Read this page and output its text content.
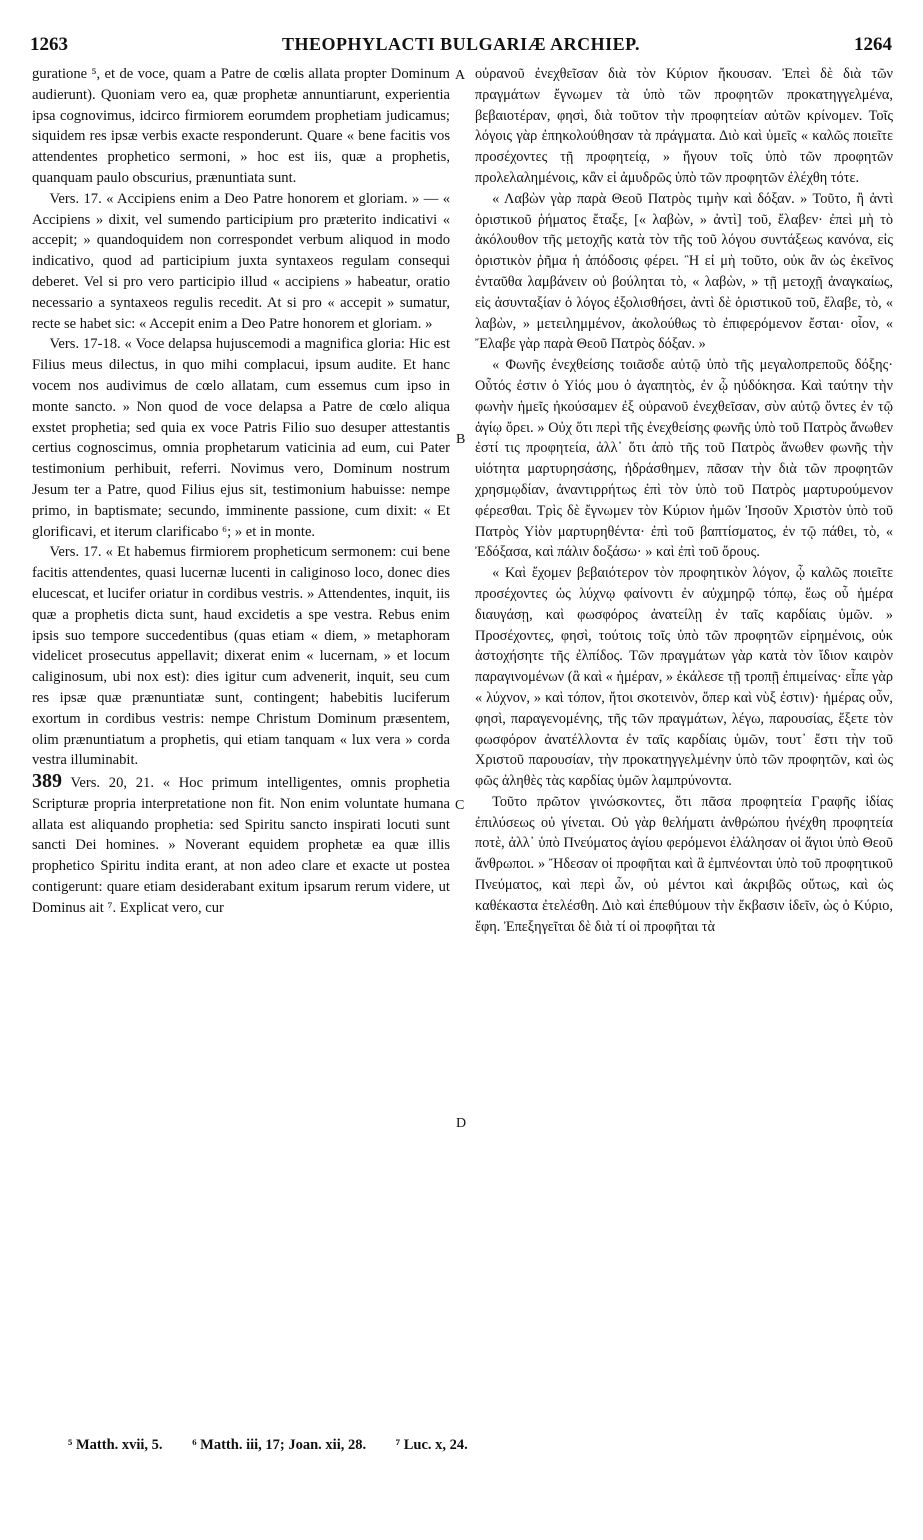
1263	THEOPHYLACTI BULGARIÆ ARCHIEP.	1264

guratione ⁵, et de voce, quam a Patre de cœlis allata propter Dominum audierunt). Quoniam vero ea, quæ prophetæ annuntiarunt, experientia ipsa cognovimus, idcirco firmiorem eorumdem prophetiam judicamus; siquidem res ipsæ verbis exacte responderunt. Quare « bene facitis vos attendentes prophetico sermoni, » hoc est iis, quæ a prophetis, quanquam paulo obscurius, prænuntiata sunt.

Vers. 17. « Accipiens enim a Deo Patre honorem et gloriam. » — « Accipiens » dixit, vel sumendo participium pro præterito indicativi « accepit; » quandoquidem non correspondet verbum aliquod in modo indicativo, quod ad participium juxta syntaxeos regulam consequi deberet. Vel si pro vero participio illud « accipiens » habeatur, oratio necessario a syntaxeos regulis recedit. At si pro « accepit » sumatur, recte se habet sic: « Accepit enim a Deo Patre honorem et gloriam. »

Vers. 17-18. « Voce delapsa hujuscemodi a magnifica gloria: Hic est Filius meus dilectus, in quo mihi complacui, ipsum audite. Et hanc vocem nos audivimus de cœlo allatam, cum essemus cum ipso in monte sancto. » Non quod de voce delapsa a Patre de cœlo aliqua exstet prophetia; sed quia ex voce Patris Filio suo desuper attestantis certius cognoscimus, omnia prophetarum vaticinia ad eum, cui Pater testimonium perhibuit, referri. Novimus vero, Dominum nostrum Jesum ter a Patre, quod Filius ejus sit, testimonium habuisse: nempe primo, in baptismate; secundo, imminente passione, cum dixit: « Et glorificavi, et iterum clarificabo ⁶; » et in monte.

Vers. 17. « Et habemus firmiorem propheticum sermonem: cui bene facitis attendentes, quasi lucernæ lucenti in caliginoso loco, donec dies elucescat, et lucifer oriatur in cordibus vestris. » Attendentes, inquit, iis quæ a prophetis dicta sunt, haud excidetis a spe vestra. Rebus enim ipsis suo tempore succedentibus (quas etiam « diem, » metaphoram videlicet prosecutus appellavit; dixerat enim « lucernam, » et locum caliginosum, ubi nox est): dies igitur cum advenerit, inquit, seu cum res ipsæ quæ prænuntiatæ sunt, contingent; habebitis luciferum exortum in cordibus vestris: nempe Christum Dominum præsentem, olim prænuntiatum a prophetis, qui etiam tanquam « lux vera » corda vestra illuminabit.

389 Vers. 20, 21. « Hoc primum intelligentes, omnis prophetia Scripturæ propria interpretatione non fit. Non enim voluntate humana allata est aliquando prophetia: sed Spiritu sancto inspirati locuti sunt sancti Dei homines. » Noverant equidem prophetæ ea quæ illis prophetico Spiritu indita erant, at non adeo clare et exacte ut postea contigerunt: quare etiam desiderabant exitum ipsarum rerum videre, ut Dominus ait ⁷. Explicat vero, cur

οὐρανοῦ ἐνεχθεῖσαν διὰ τὸν Κύριον ἤκουσαν. Ἐπεὶ δὲ διὰ τῶν πραγμάτων ἔγνωμεν τὰ ὑπὸ τῶν προφητῶν προκατηγγελμένα, βεβαιοτέραν, φησὶ, διὰ τοῦτον τὴν προφητείαν αὐτῶν κρίνομεν. Τοῖς λόγοις γὰρ ἐπηκολούθησαν τὰ πράγματα. Διὸ καὶ ὑμεῖς « καλῶς ποιεῖτε προσέχοντες τῇ προφητείᾳ, » ἤγουν τοῖς ὑπὸ τῶν προφητῶν προλελαλημένοις, κἂν εἰ ἀμυδρῶς ὑπὸ τῶν προφητῶν ἐλέχθη τότε.

« Λαβὼν γὰρ παρὰ Θεοῦ Πατρὸς τιμὴν καὶ δόξαν. » Τοῦτο, ἢ ἀντὶ ὁριστικοῦ ῥήματος ἔταξε, [« λαβὼν, » ἀντὶ] τοῦ, ἔλαβεν· ἐπεὶ μὴ τὸ ἀκόλουθον τῆς μετοχῆς κατὰ τὸν τῆς τοῦ λόγου συντάξεως κανόνα, εἰς ὁριστικὸν ῥῆμα ἡ ἀπόδοσις φέρει. Ἢ εἰ μὴ τοῦτο, οὐκ ἂν ὡς ἐκεῖνος ἐνταῦθα λαμβάνειν οὐ βούληται τὸ, « λαβὼν, » τῇ μετοχῇ ἀναγκαίως, εἰς ἀσυνταξίαν ὁ λόγος ἐξολισθήσει, ἀντὶ δὲ ὁριστικοῦ τοῦ, ἔλαβε, τὸ, « λαβὼν, » μετειλημμένον, ἀκολούθως τὸ ἐπιφερόμενον ἔσται· οἷον, « Ἔλαβε γὰρ παρὰ Θεοῦ Πατρὸς δόξαν. »

« Φωνῆς ἐνεχθείσης τοιᾶσδε αὐτῷ ὑπὸ τῆς μεγαλοπρεποῦς δόξης· Οὗτός ἐστιν ὁ Υἱός μου ὁ ἀγαπητὸς, ἐν ᾧ ηὐδόκησα. Καὶ ταύτην τὴν φωνὴν ἡμεῖς ἠκούσαμεν ἐξ οὐρανοῦ ἐνεχθεῖσαν, σὺν αὐτῷ ὄντες ἐν τῷ ἁγίῳ ὄρει. » Οὐχ ὅτι περὶ τῆς ἐνεχθείσης φωνῆς ὑπὸ τοῦ Πατρὸς ἄνωθεν ἐστί τις προφητεία, ἀλλ᾽ ὅτι ἀπὸ τῆς τοῦ Πατρὸς ἄνωθεν φωνῆς τὴν υἱότητα μαρτυρησάσης, ἠδράσθημεν, πᾶσαν τὴν διὰ τῶν προφητῶν χρησμῳδίαν, ἀναντιρρήτως ἐπὶ τὸν ὑπὸ τοῦ Πατρὸς μαρτυρούμενον φέρεσθαι. Τρὶς δὲ ἔγνωμεν τὸν Κύριον ἡμῶν Ἰησοῦν Χριστὸν ὑπὸ τοῦ Πατρὸς Υἱὸν μαρτυρηθέντα· ἐπὶ τοῦ βαπτίσματος, ἐν τῷ πάθει, τὸ, « Ἐδόξασα, καὶ πάλιν δοξάσω· » καὶ ἐπὶ τοῦ ὄρους.

« Καὶ ἔχομεν βεβαιότερον τὸν προφητικὸν λόγον, ᾧ καλῶς ποιεῖτε προσέχοντες ὡς λύχνῳ φαίνοντι ἐν αὐχμηρῷ τόπῳ, ἕως οὗ ἡμέρα διαυγάσῃ, καὶ φωσφόρος ἀνατείλῃ ἐν ταῖς καρδίαις ὑμῶν. » Προσέχοντες, φησὶ, τούτοις τοῖς ὑπὸ τῶν προφητῶν εἰρημένοις, οὐκ ἀστοχήσητε τῆς ἐλπίδος. Τῶν πραγμάτων γὰρ κατὰ τὸν ἴδιον καιρὸν παραγινομένων (ἃ καὶ « ἡμέραν, » ἐκάλεσε τῇ τροπῇ ἐπιμείνας· εἶπε γὰρ « λύχνον, » καὶ τόπον, ἤτοι σκοτεινὸν, ὅπερ καὶ νὺξ ἐστιν)· ἡμέρας οὖν, φησὶ, παραγενομένης, τῆς τῶν πραγμάτων, λέγω, παρουσίας, ἕξετε τὸν φωσφόρον ἀνατέλλοντα ἐν ταῖς καρδίαις ὑμῶν, τουτ᾽ ἔστι τὴν τοῦ Χριστοῦ παρουσίαν, τὴν προκατηγγελμένην ὑπὸ τῶν προφητῶν, καὶ ὡς φῶς ἀληθὲς τὰς καρδίας ὑμῶν λαμπρύνοντα.

Τοῦτο πρῶτον γινώσκοντες, ὅτι πᾶσα προφητεία Γραφῆς ἰδίας ἐπιλύσεως οὐ γίνεται. Οὐ γὰρ θελήματι ἀνθρώπου ἠνέχθη προφητεία ποτὲ, ἀλλ᾽ ὑπὸ Πνεύματος ἁγίου φερόμενοι ἐλάλησαν οἱ ἅγιοι ὑπὸ Θεοῦ ἄνθρωποι. » Ἤδεσαν οἱ προφῆται καὶ ἃ ἐμπνέονται ὑπὸ τοῦ προφητικοῦ Πνεύματος, καὶ περὶ ὧν, οὐ μέντοι καὶ ἀκριβῶς οὕτως, καὶ ὡς καθέκαστα ἐτελέσθη. Διὸ καὶ ἐπεθύμουν τὴν ἔκβασιν ἰδεῖν, ὡς ὁ Κύριο, ἔφη. Ἐπεξηγεῖται δὲ διὰ τί οἱ προφῆται τὰ

A
B
C
D
⁵ Matth. xvii, 5. ⁶ Matth. iii, 17; Joan. xii, 28. ⁷ Luc. x, 24.
